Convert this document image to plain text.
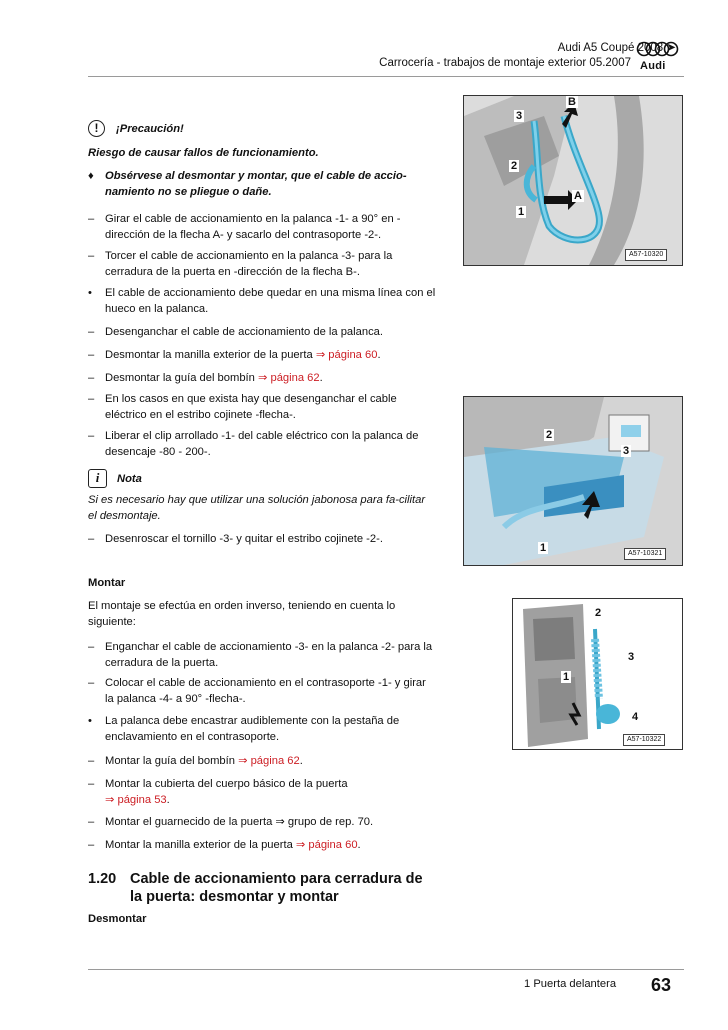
Audi A5 Coupé 2008 ➤
Carrocería - trabajos de montaje exterior 05.2007 Audi
!	¡Precaución!
Riesgo de causar fallos de funcionamiento.
♦	Obsérvese al desmontar y montar, que el cable de accio-namiento no se pliegue o dañe.
– Girar el cable de accionamiento en la palanca -1- a 90° en -dirección de la flecha A- y sacarlo del contrasoporte -2-.
– Torcer el cable de accionamiento en la palanca -3- para la cerradura de la puerta en -dirección de la flecha B-.
•	El cable de accionamiento debe quedar en una misma línea con el hueco en la palanca.
– Desenganchar el cable de accionamiento de la palanca.
– Desmontar la manilla exterior de la puerta ⇒ página 60.
– Desmontar la guía del bombín ⇒ página 62.
– En los casos en que exista hay que desenganchar el cable eléctrico en el estribo cojinete -flecha-.
– Liberar el clip arrollado -1- del cable eléctrico con la palanca de desencaje -80 - 200-.
i	Nota
Si es necesario hay que utilizar una solución jabonosa para fa-cilitar el desmontaje.
– Desenroscar el tornillo -3- y quitar el estribo cojinete -2-.
Montar
El montaje se efectúa en orden inverso, teniendo en cuenta lo siguiente:
– Enganchar el cable de accionamiento -3- en la palanca -2- para la cerradura de la puerta.
– Colocar el cable de accionamiento en el contrasoporte -1- y girar la palanca -4- a 90° -flecha-.
•	La palanca debe encastrar audiblemente con la pestaña de enclavamiento en el contrasoporte.
– Montar la guía del bombín ⇒ página 62.
– Montar la cubierta del cuerpo básico de la puerta
⇒ página 53.
– Montar el guarnecido de la puerta ⇒ grupo de rep. 70.
– Montar la manilla exterior de la puerta ⇒ página 60.
1.20 Cable de accionamiento para cerradura de la puerta: desmontar y montar
Desmontar
B
3
2
A
1
A57-10320
2
3
1	A57-10321
2
3
1
4
A57-10322
1 Puerta delantera 63
